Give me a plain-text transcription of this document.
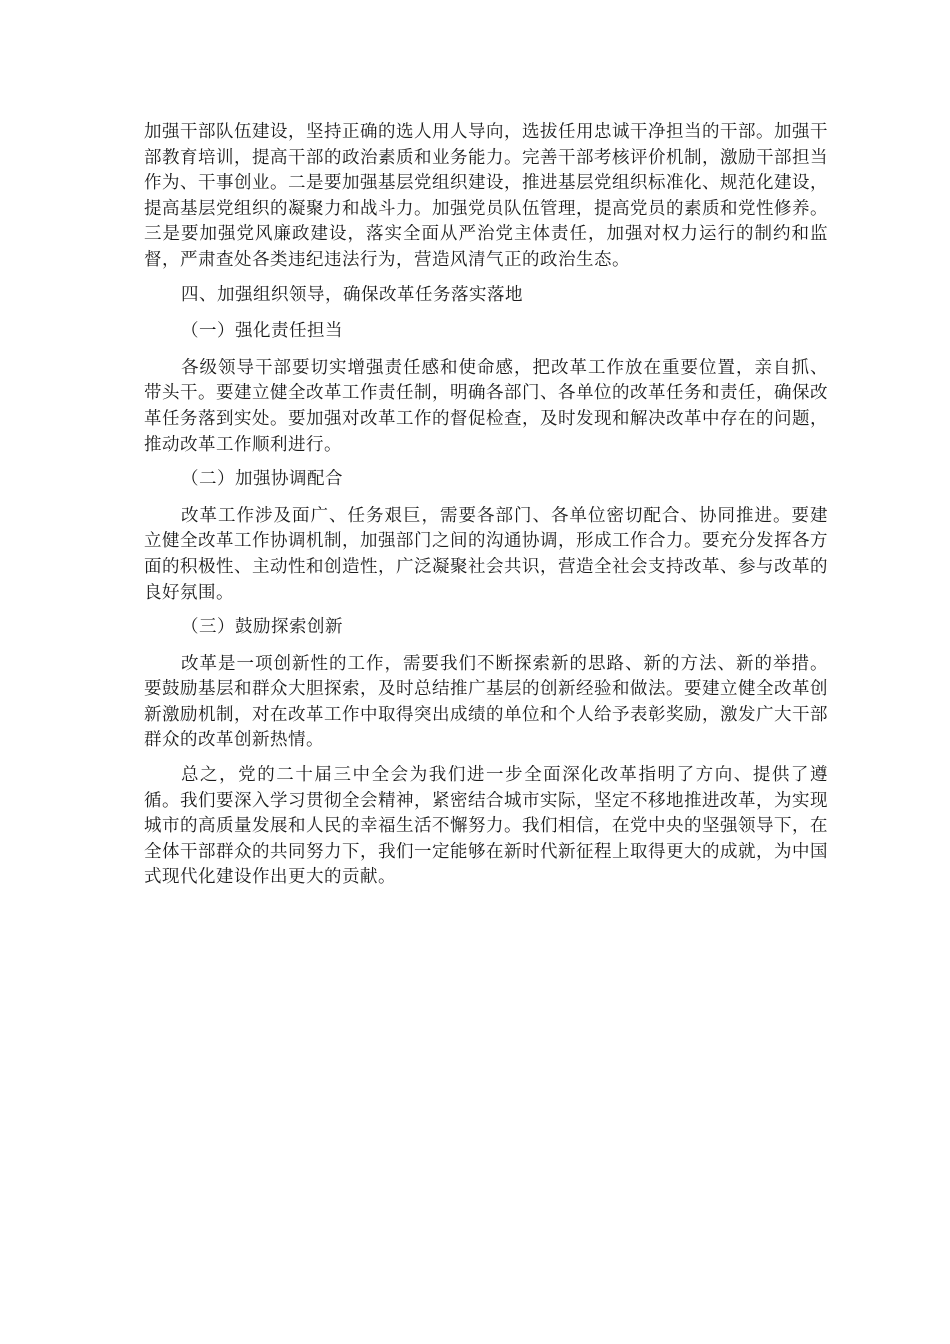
加强干部队伍建设，坚持正确的选人用人导向，选拔任用忠诚干净担当的干部。加强干部教育培训，提高干部的政治素质和业务能力。完善干部考核评价机制，激励干部担当作为、干事创业。二是要加强基层党组织建设，推进基层党组织标准化、规范化建设，提高基层党组织的凝聚力和战斗力。加强党员队伍管理，提高党员的素质和党性修养。三是要加强党风廉政建设，落实全面从严治党主体责任，加强对权力运行的制约和监督，严肃查处各类违纪违法行为，营造风清气正的政治生态。

四、加强组织领导，确保改革任务落实落地

（一）强化责任担当

各级领导干部要切实增强责任感和使命感，把改革工作放在重要位置，亲自抓、带头干。要建立健全改革工作责任制，明确各部门、各单位的改革任务和责任，确保改革任务落到实处。要加强对改革工作的督促检查，及时发现和解决改革中存在的问题，推动改革工作顺利进行。

（二）加强协调配合

改革工作涉及面广、任务艰巨，需要各部门、各单位密切配合、协同推进。要建立健全改革工作协调机制，加强部门之间的沟通协调，形成工作合力。要充分发挥各方面的积极性、主动性和创造性，广泛凝聚社会共识，营造全社会支持改革、参与改革的良好氛围。

（三）鼓励探索创新

改革是一项创新性的工作，需要我们不断探索新的思路、新的方法、新的举措。要鼓励基层和群众大胆探索，及时总结推广基层的创新经验和做法。要建立健全改革创新激励机制，对在改革工作中取得突出成绩的单位和个人给予表彰奖励，激发广大干部群众的改革创新热情。

总之，党的二十届三中全会为我们进一步全面深化改革指明了方向、提供了遵循。我们要深入学习贯彻全会精神，紧密结合城市实际，坚定不移地推进改革，为实现城市的高质量发展和人民的幸福生活不懈努力。我们相信，在党中央的坚强领导下，在全体干部群众的共同努力下，我们一定能够在新时代新征程上取得更大的成就，为中国式现代化建设作出更大的贡献。
